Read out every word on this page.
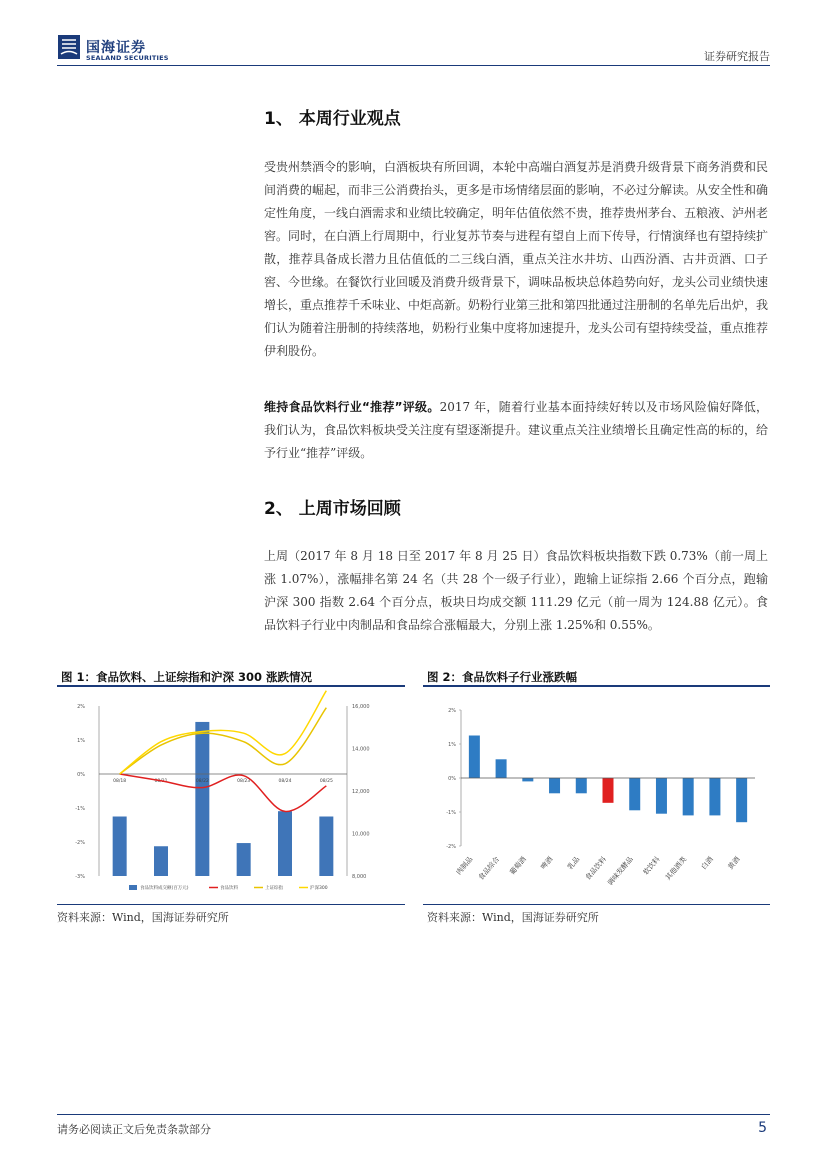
国海证券
SEALAND SECURITIES	证券研究报告
1、 本周行业观点
受贵州禁酒令的影响，白酒板块有所回调，本轮中高端白酒复苏是消费升级背景下商务消费和民间消费的崛起，而非三公消费抬头，更多是市场情绪层面的影响，不必过分解读。从安全性和确定性角度，一线白酒需求和业绩比较确定，明年估值依然不贵，推荐贵州茅台、五粮液、泸州老窖。同时，在白酒上行周期中，行业复苏节奏与进程有望自上而下传导，行情演绎也有望持续扩散，推荐具备成长潜力且估值低的二三线白酒，重点关注水井坊、山西汾酒、古井贡酒、口子窖、今世缘。在餐饮行业回暖及消费升级背景下，调味品板块总体趋势向好，龙头公司业绩快速增长，重点推荐千禾味业、中炬高新。奶粉行业第三批和第四批通过注册制的名单先后出炉，我们认为随着注册制的持续落地，奶粉行业集中度将加速提升，龙头公司有望持续受益，重点推荐伊利股份。
维持食品饮料行业“推荐”评级。2017 年，随着行业基本面持续好转以及市场风险偏好降低，我们认为，食品饮料板块受关注度有望逐渐提升。建议重点关注业绩增长且确定性高的标的，给予行业“推荐”评级。
2、 上周市场回顾
上周（2017 年 8 月 18 日至 2017 年 8 月 25 日）食品饮料板块指数下跌 0.73%（前一周上涨 1.07%），涨幅排名第 24 名（共 28 个一级子行业），跑输上证综指 2.66 个百分点，跑输沪深 300 指数 2.64 个百分点，板块日均成交额 111.29 亿元（前一周为 124.88 亿元）。食品饮料子行业中肉制品和食品综合涨幅最大，分别上涨 1.25%和 0.55%。
图 1：食品饮料、上证综指和沪深 300 涨跌情况
2%
1%
0%
-1%
-2%
-3%
16,000
14,000
12,000
10,000
8,000
08/18	08/21	08/22	08/23	08/24	08/25
食品饮料成交额(百万元)	食品饮料	上证综指	沪深300
资料来源：Wind，国海证券研究所
图 2：食品饮料子行业涨跌幅
2%
1%
0%
-1%
-2%
肉制品 食品综合 葡萄酒 啤酒 乳品 食品饮料
调味发酵品 软饮料 其他酒类 白酒 黄酒
资料来源：Wind，国海证券研究所
请务必阅读正文后免责条款部分	5
